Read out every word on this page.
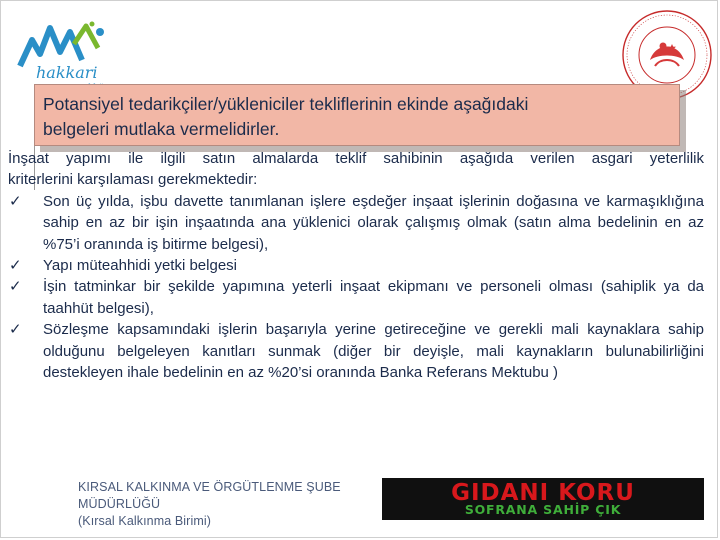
hakkari
Potansiyel tedarikçiler/yükleniciler tekliflerinin ekinde aşağıdaki
belgeleri mutlaka vermelidirler.

İnşaat yapımı ile ilgili satın almalarda teklif sahibinin aşağıda verilen asgari yeterlilik
kriterlerini karşılaması gerekmektedir:

✓ Son üç yılda, işbu davette tanımlanan işlere eşdeğer inşaat işlerinin doğasına ve karmaşıklığına sahip en az bir işin inşaatında ana yüklenici olarak çalışmış olmak (satın alma bedelinin en az %75’i oranında iş bitirme belgesi),
✓ Yapı müteahhidi yetki belgesi
✓ İşin tatminkar bir şekilde yapımına yeterli inşaat ekipmanı ve personeli olması (sahiplik ya da taahhüt belgesi),
✓ Sözleşme kapsamındaki işlerin başarıyla yerine getireceğine ve gerekli mali kaynaklara sahip olduğunu belgeleyen kanıtları sunmak (diğer bir deyişle, mali kaynakların bulunabilirliğini destekleyen ihale bedelinin en az %20’si oranında Banka Referans Mektubu )
KIRSAL KALKINMA VE ÖRGÜTLENME ŞUBE
MÜDÜRLÜĞÜ
(Kırsal Kalkınma Birimi)
GIDANI KORU
SOFRANA SAHİP ÇIK
